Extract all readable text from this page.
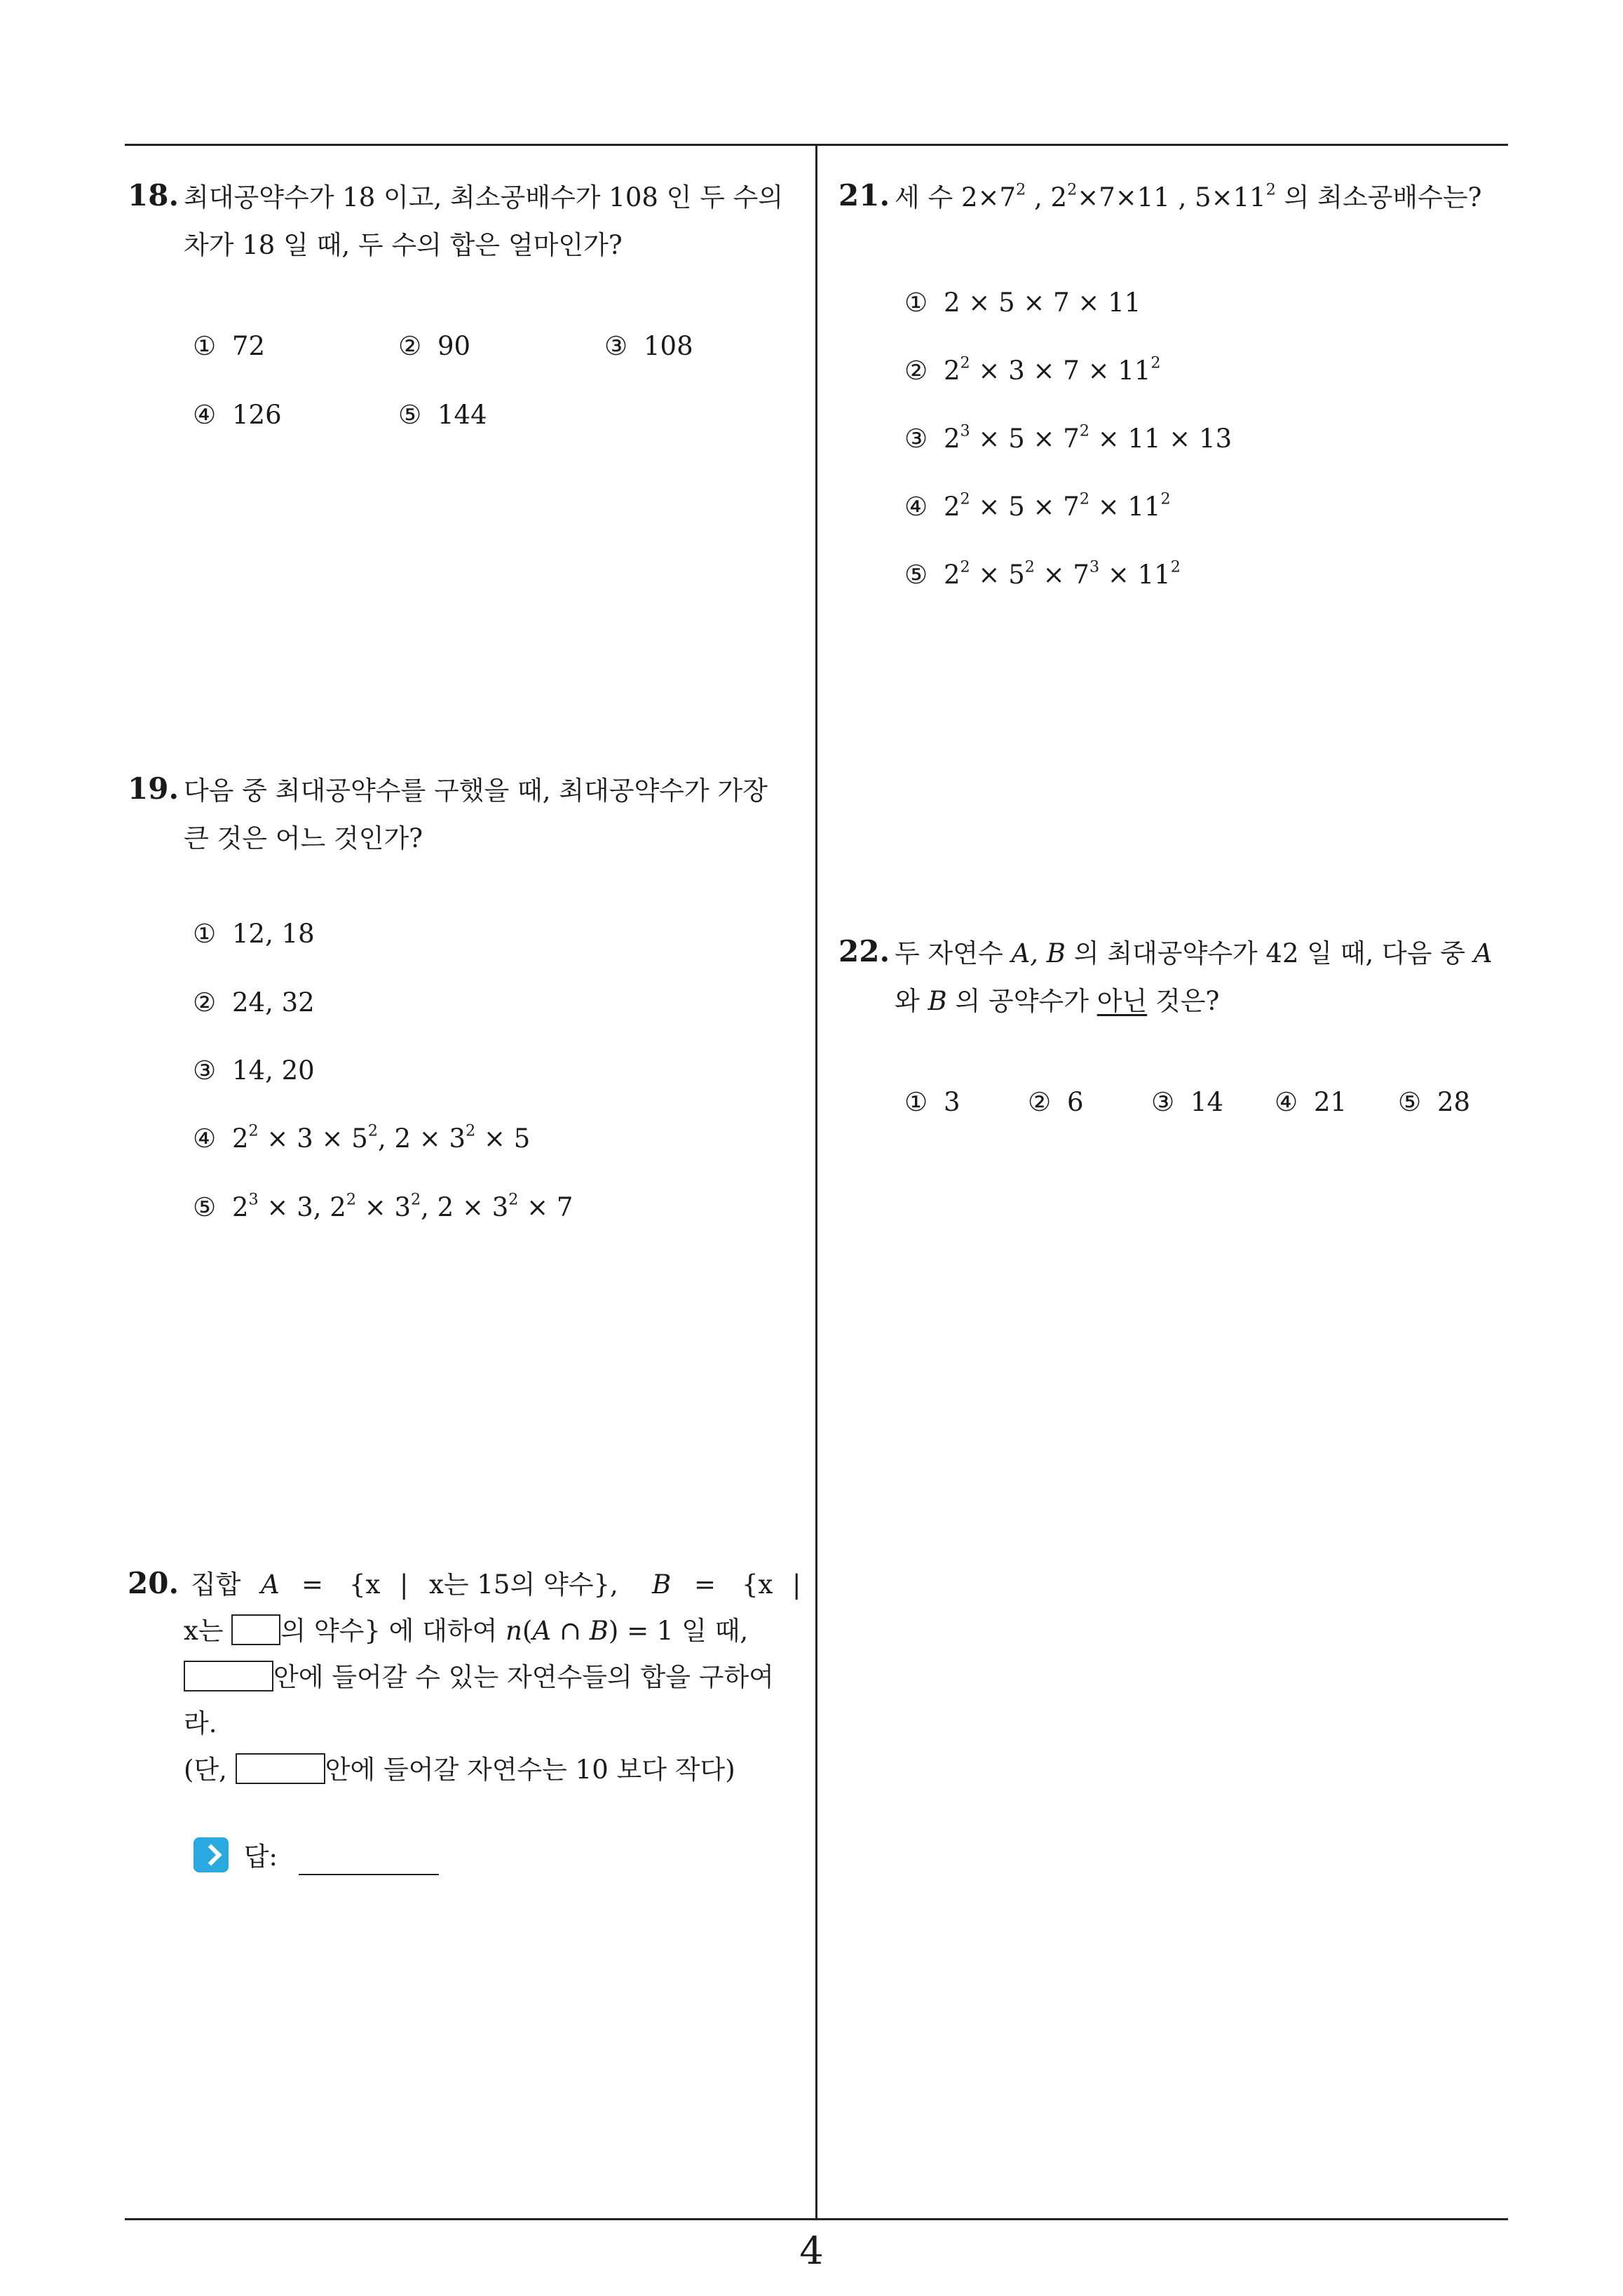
18. 최대공약수가 18 이고, 최소공배수가 108 인 두 수의
차가 18 일 때, 두 수의 합은 얼마인가?
① 72	② 90	③ 108
④ 126	⑤ 144
19. 다음 중 최대공약수를 구했을 때, 최대공약수가 가장
큰 것은 어느 것인가?
① 12, 18
② 24, 32
③ 14, 20
④ $2^2 \times 3 \times 5^2$, $2 \times 3^2 \times 5$
⑤ $2^3 \times 3$, $2^2 \times 3^2$, $2 \times 3^2 \times 7$
20. 집합 A = {x | x는 15의 약수}, B = {x |
x는 의 약수} 에 대하여 n(A ∩ B) = 1 일 때,
안에 들어갈 수 있는 자연수들의 합을 구하여
라.
(단,	안에 들어갈 자연수는 10 보다 작다)
답:
21. 세 수 $2\times 7^2$ , $2^2\times 7\times 11$ , $5\times 11^2$ 의 최소공배수는?
① 2 × 5 × 7 × 11
② $2^2 \times 3 \times 7 \times 11^2$
③ $2^3 \times 5 \times 7^2 \times 11 \times 13$
④ $2^2 \times 5 \times 7^2 \times 11^2$
⑤ $2^2 \times 5^2 \times 7^3 \times 11^2$
22. 두 자연수 A, B 의 최대공약수가 42 일 때, 다음 중 A
와 B 의 공약수가 아닌 것은?
① 3	② 6	③ 14 ④ 21 ⑤ 28
4
